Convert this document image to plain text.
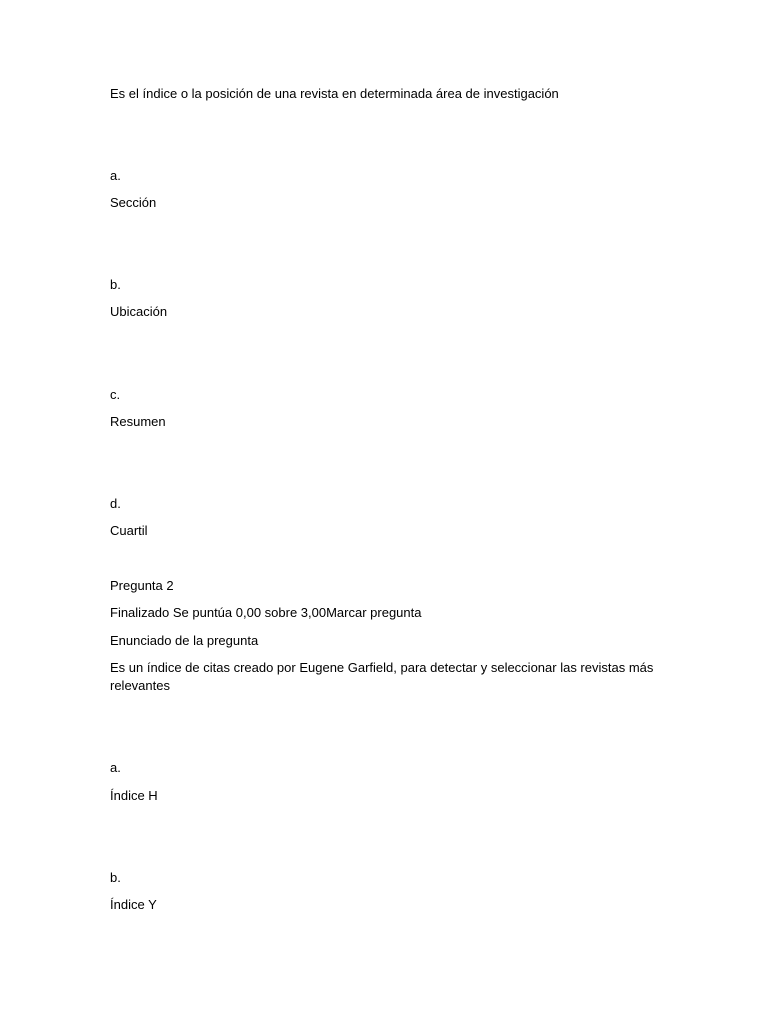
Es el índice o la posición de una revista en determinada área de investigación
a.
Sección
b.
Ubicación
c.
Resumen
d.
Cuartil
Pregunta 2
Finalizado Se puntúa 0,00 sobre 3,00Marcar pregunta
Enunciado de la pregunta
Es un índice de citas creado por Eugene Garfield, para detectar y seleccionar las revistas más relevantes
a.
Índice H
b.
Índice Y
